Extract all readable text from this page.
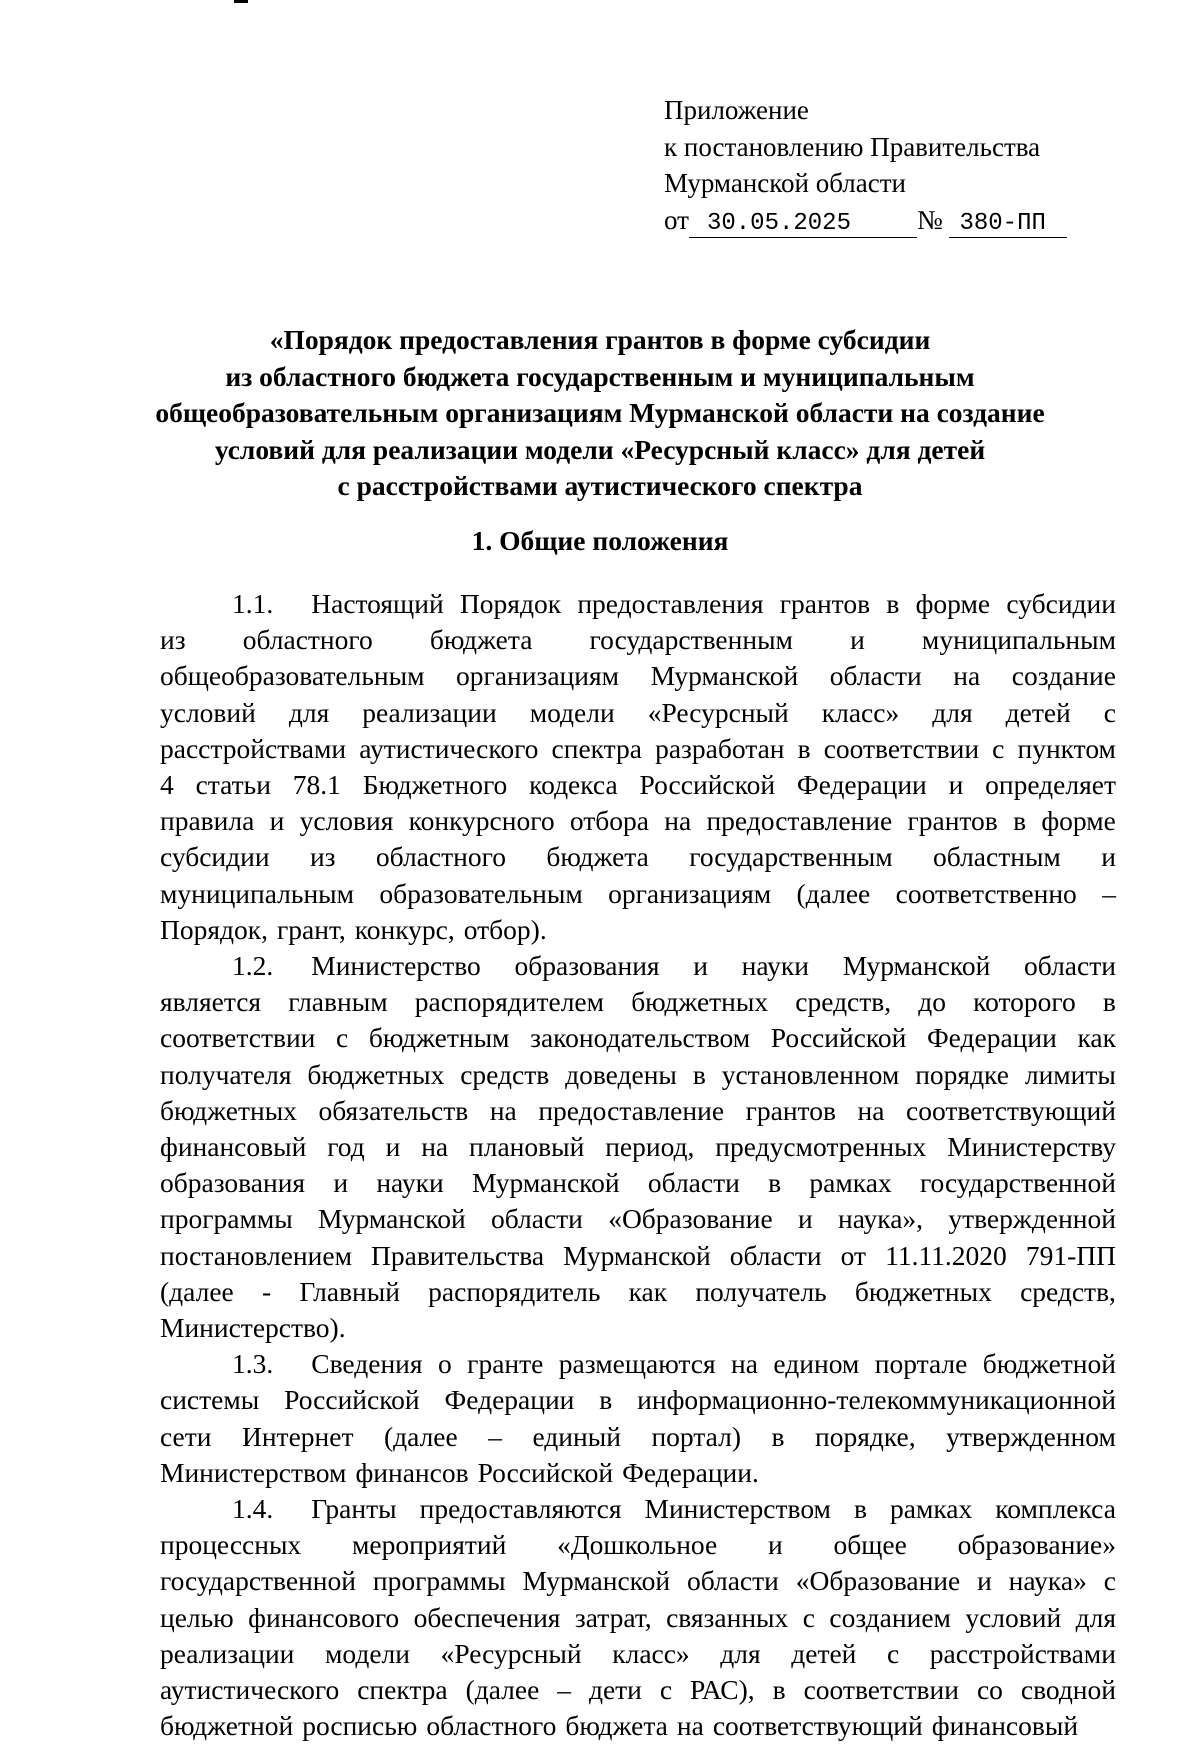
Приложение
к постановлению Правительства
Мурманской области
от 30.05.2025 № 380-ПП
«Порядок предоставления грантов в форме субсидии
из областного бюджета государственным и муниципальным
общеобразовательным организациям Мурманской области на создание
условий для реализации модели «Ресурсный класс» для детей
с расстройствами аутистического спектра
1. Общие положения
1.1. Настоящий Порядок предоставления грантов в форме субсидии
из областного бюджета государственным и муниципальным
общеобразовательным организациям Мурманской области на создание
условий для реализации модели «Ресурсный класс» для детей с
расстройствами аутистического спектра разработан в соответствии с пунктом
4 статьи 78.1 Бюджетного кодекса Российской Федерации и определяет
правила и условия конкурсного отбора на предоставление грантов в форме
субсидии из областного бюджета государственным областным и
муниципальным образовательным организациям (далее соответственно –
Порядок, грант, конкурс, отбор).
1.2. Министерство образования и науки Мурманской области
является главным распорядителем бюджетных средств, до которого в
соответствии с бюджетным законодательством Российской Федерации как
получателя бюджетных средств доведены в установленном порядке лимиты
бюджетных обязательств на предоставление грантов на соответствующий
финансовый год и на плановый период, предусмотренных Министерству
образования и науки Мурманской области в рамках государственной
программы Мурманской области «Образование и наука», утвержденной
постановлением Правительства Мурманской области от 11.11.2020 791-ПП
(далее - Главный распорядитель как получатель бюджетных средств,
Министерство).
1.3. Сведения о гранте размещаются на едином портале бюджетной
системы Российской Федерации в информационно-телекоммуникационной
сети Интернет (далее – единый портал) в порядке, утвержденном
Министерством финансов Российской Федерации.
1.4. Гранты предоставляются Министерством в рамках комплекса
процессных мероприятий «Дошкольное и общее образование»
государственной программы Мурманской области «Образование и наука» с
целью финансового обеспечения затрат, связанных с созданием условий для
реализации модели «Ресурсный класс» для детей с расстройствами
аутистического спектра (далее – дети с РАС), в соответствии со сводной
бюджетной росписью областного бюджета на соответствующий финансовый
